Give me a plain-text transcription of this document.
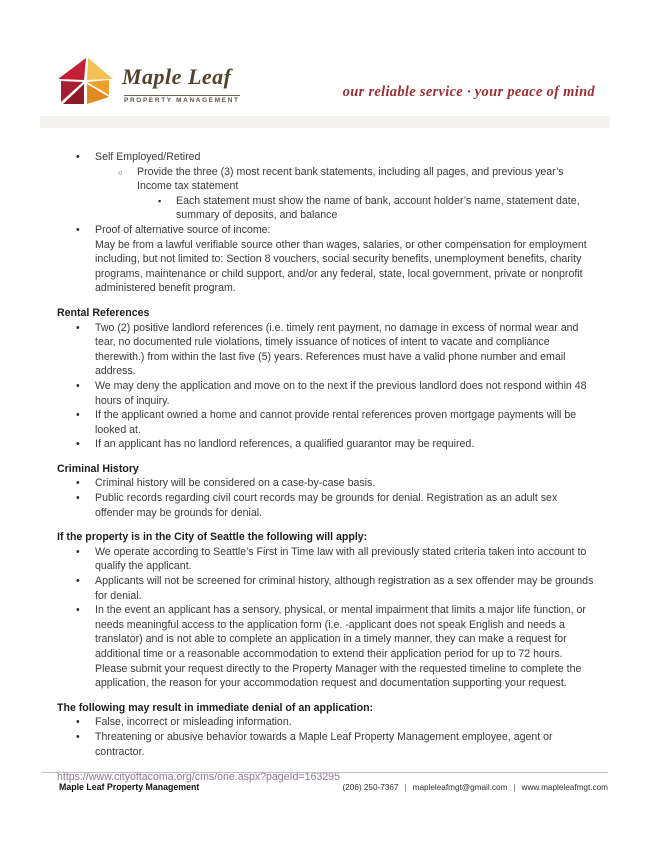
Maple Leaf
PROPERTY MANAGEMENT
our reliable service · your peace of mind
• Self Employed/Retired
○ Provide the three (3) most recent bank statements, including all pages, and previous year’s Income tax statement
▪ Each statement must show the name of bank, account holder’s name, statement date, summary of deposits, and balance
• Proof of alternative source of income:
May be from a lawful verifiable source other than wages, salaries, or other compensation for employment including, but not limited to: Section 8 vouchers, social security benefits, unemployment benefits, charity programs, maintenance or child support, and/or any federal, state, local government, private or nonprofit administered benefit program.
Rental References
• Two (2) positive landlord references (i.e. timely rent payment, no damage in excess of normal wear and tear, no documented rule violations, timely issuance of notices of intent to vacate and compliance therewith.) from within the last five (5) years. References must have a valid phone number and email address.
• We may deny the application and move on to the next if the previous landlord does not respond within 48 hours of inquiry.
• If the applicant owned a home and cannot provide rental references proven mortgage payments will be looked at.
• If an applicant has no landlord references, a qualified guarantor may be required.
Criminal History
• Criminal history will be considered on a case-by-case basis.
• Public records regarding civil court records may be grounds for denial. Registration as an adult sex offender may be grounds for denial.
If the property is in the City of Seattle the following will apply:
• We operate according to Seattle’s First in Time law with all previously stated criteria taken into account to qualify the applicant.
• Applicants will not be screened for criminal history, although registration as a sex offender may be grounds for denial.
• In the event an applicant has a sensory, physical, or mental impairment that limits a major life function, or needs meaningful access to the application form (i.e. -applicant does not speak English and needs a translator) and is not able to complete an application in a timely manner, they can make a request for additional time or a reasonable accommodation to extend their application period for up to 72 hours. Please submit your request directly to the Property Manager with the requested timeline to complete the application, the reason for your accommodation request and documentation supporting your request.
The following may result in immediate denial of an application:
• False, incorrect or misleading information.
• Threatening or abusive behavior towards a Maple Leaf Property Management employee, agent or contractor.
https://www.cityoftacoma.org/cms/one.aspx?pageId=163295
Maple Leaf Property Management	(206) 250-7367 | mapleleafmgt@gmail.com | www.mapleleafmgt.com
